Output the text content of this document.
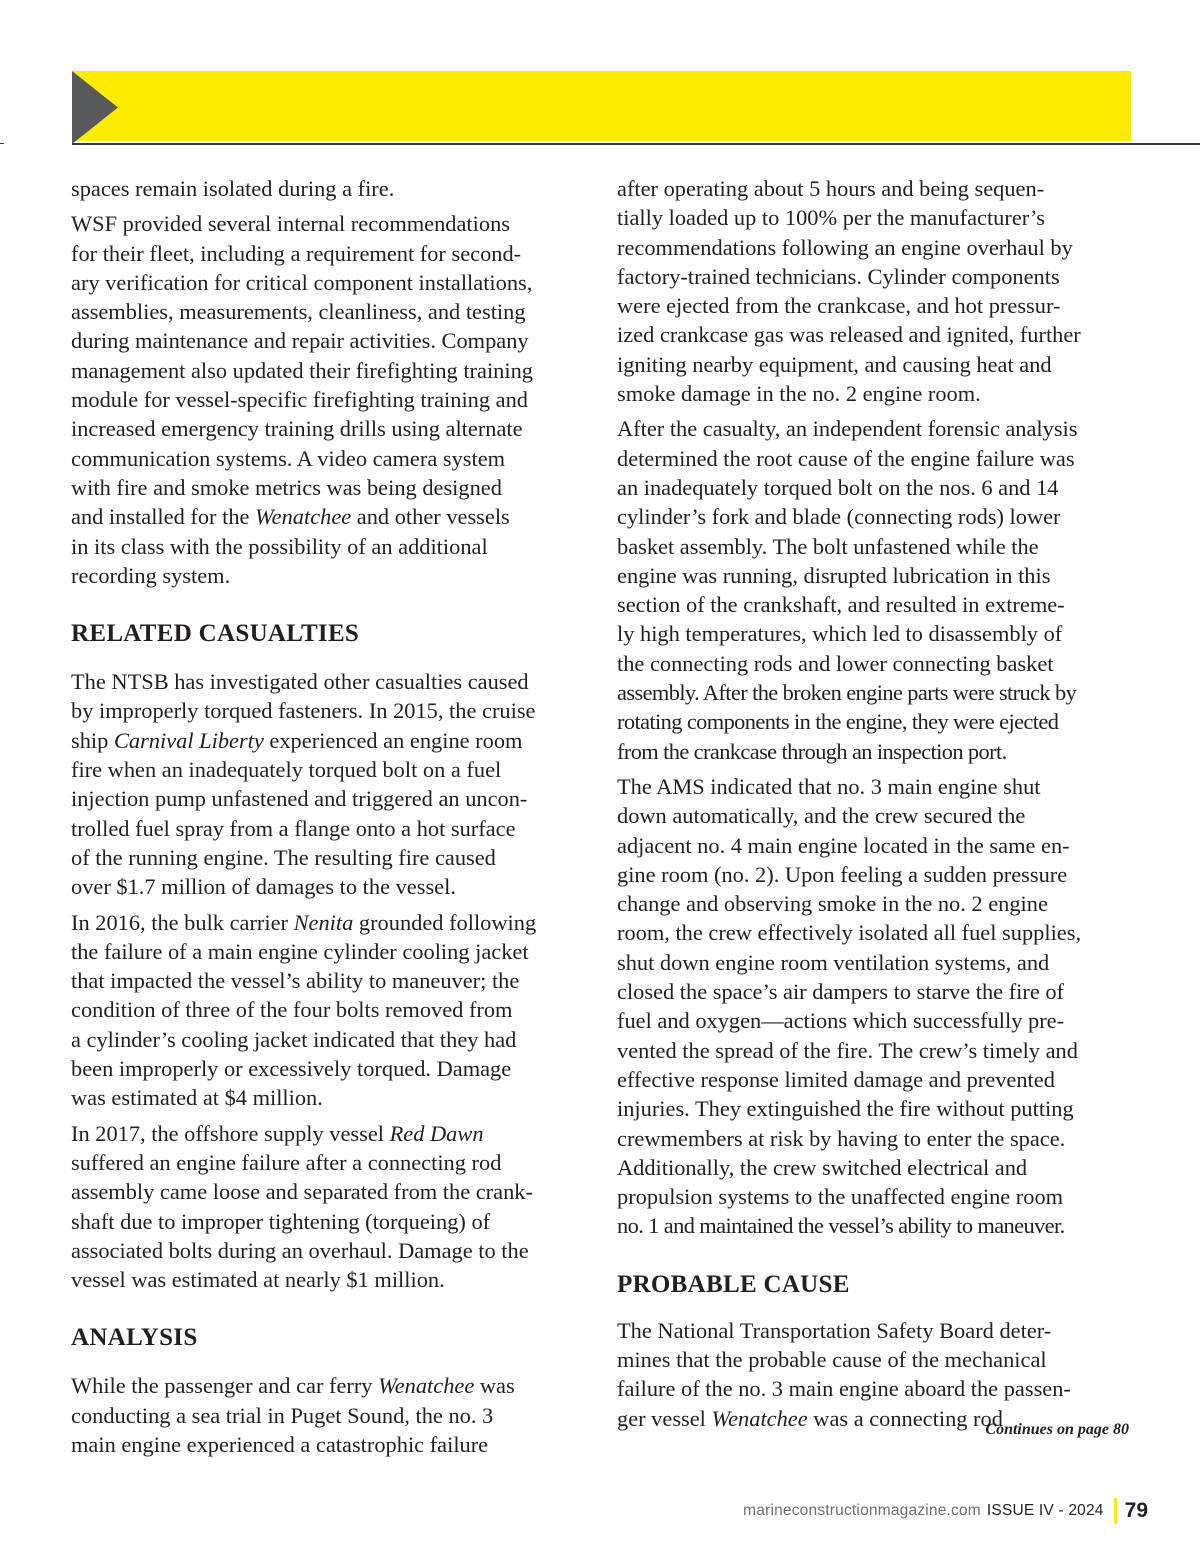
spaces remain isolated during a fire.

WSF provided several internal recommendations
for their fleet, including a requirement for second-
ary verification for critical component installations,
assemblies, measurements, cleanliness, and testing
during maintenance and repair activities. Company
management also updated their firefighting training
module for vessel-specific firefighting training and
increased emergency training drills using alternate
communication systems. A video camera system
with fire and smoke metrics was being designed
and installed for the Wenatchee and other vessels
in its class with the possibility of an additional
recording system.

RELATED CASUALTIES

The NTSB has investigated other casualties caused
by improperly torqued fasteners. In 2015, the cruise
ship Carnival Liberty experienced an engine room
fire when an inadequately torqued bolt on a fuel
injection pump unfastened and triggered an uncon-
trolled fuel spray from a flange onto a hot surface
of the running engine. The resulting fire caused
over $1.7 million of damages to the vessel.

In 2016, the bulk carrier Nenita grounded following
the failure of a main engine cylinder cooling jacket
that impacted the vessel’s ability to maneuver; the
condition of three of the four bolts removed from
a cylinder’s cooling jacket indicated that they had
been improperly or excessively torqued. Damage
was estimated at $4 million.

In 2017, the offshore supply vessel Red Dawn
suffered an engine failure after a connecting rod
assembly came loose and separated from the crank-
shaft due to improper tightening (torqueing) of
associated bolts during an overhaul. Damage to the
vessel was estimated at nearly $1 million.

ANALYSIS

While the passenger and car ferry Wenatchee was
conducting a sea trial in Puget Sound, the no. 3
main engine experienced a catastrophic failure

after operating about 5 hours and being sequen-
tially loaded up to 100% per the manufacturer’s
recommendations following an engine overhaul by
factory-trained technicians. Cylinder components
were ejected from the crankcase, and hot pressur-
ized crankcase gas was released and ignited, further
igniting nearby equipment, and causing heat and
smoke damage in the no. 2 engine room.

After the casualty, an independent forensic analysis
determined the root cause of the engine failure was
an inadequately torqued bolt on the nos. 6 and 14
cylinder’s fork and blade (connecting rods) lower
basket assembly. The bolt unfastened while the
engine was running, disrupted lubrication in this
section of the crankshaft, and resulted in extreme-
ly high temperatures, which led to disassembly of
the connecting rods and lower connecting basket
assembly. After the broken engine parts were struck by
rotating components in the engine, they were ejected
from the crankcase through an inspection port.

The AMS indicated that no. 3 main engine shut
down automatically, and the crew secured the
adjacent no. 4 main engine located in the same en-
gine room (no. 2). Upon feeling a sudden pressure
change and observing smoke in the no. 2 engine
room, the crew effectively isolated all fuel supplies,
shut down engine room ventilation systems, and
closed the space’s air dampers to starve the fire of
fuel and oxygen—actions which successfully pre-
vented the spread of the fire. The crew’s timely and
effective response limited damage and prevented
injuries. They extinguished the fire without putting
crewmembers at risk by having to enter the space.
Additionally, the crew switched electrical and
propulsion systems to the unaffected engine room
no. 1 and maintained the vessel’s ability to maneuver.

PROBABLE CAUSE

The National Transportation Safety Board deter-
mines that the probable cause of the mechanical
failure of the no. 3 main engine aboard the passen-
ger vessel Wenatchee was a connecting rod

Continues on page 80
marineconstructionmagazine.com ISSUE IV - 2024 79
